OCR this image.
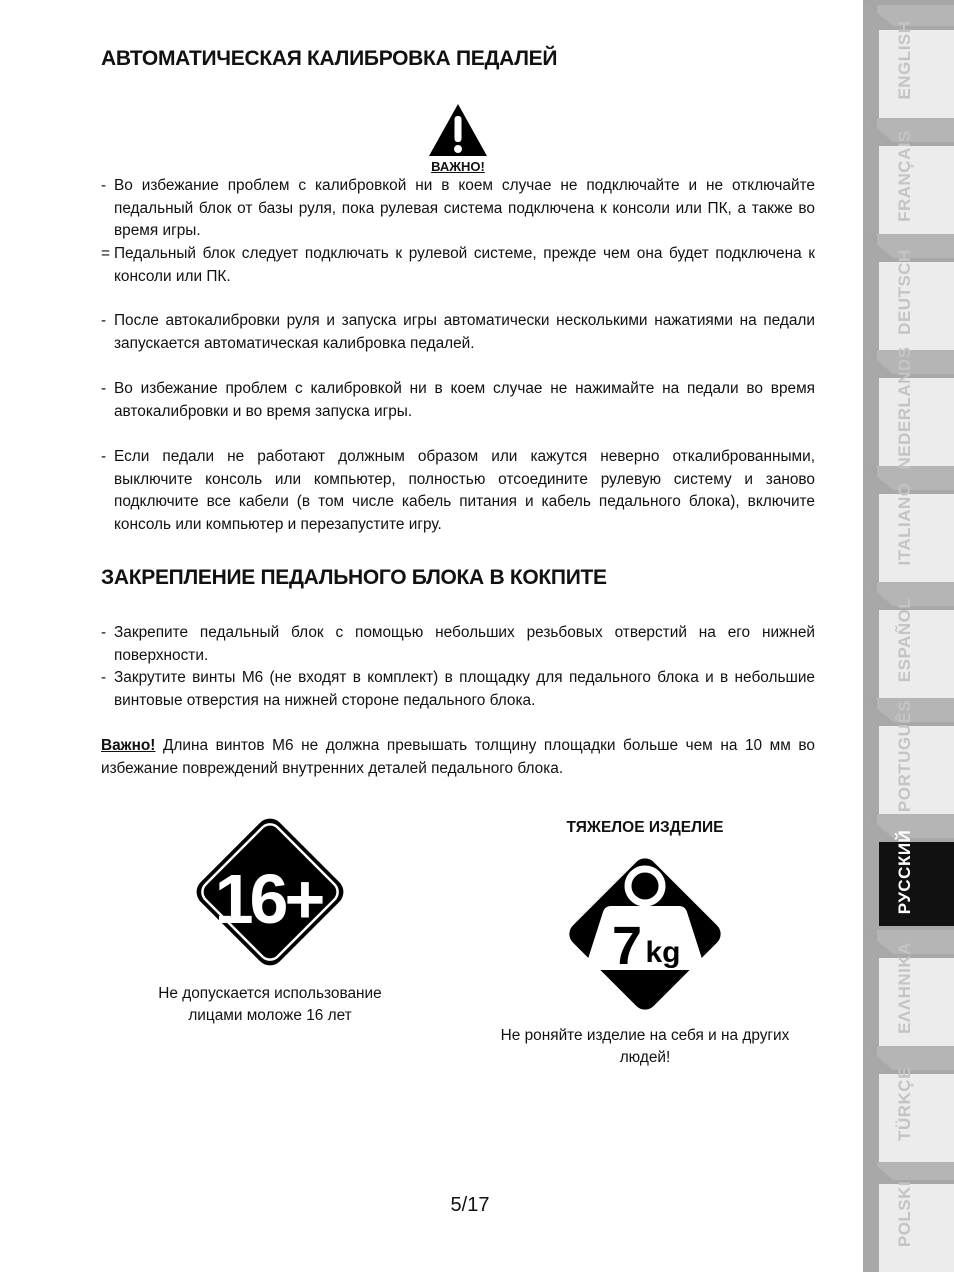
АВТОМАТИЧЕСКАЯ КАЛИБРОВКА ПЕДАЛЕЙ
ВАЖНО!
- Во избежание проблем с калибровкой ни в коем случае не подключайте и не отключайте педальный блок от базы руля, пока рулевая система подключена к консоли или ПК, а также во время игры.
= Педальный блок следует подключать к рулевой системе, прежде чем она будет подключена к консоли или ПК.
- После автокалибровки руля и запуска игры автоматически несколькими нажатиями на педали запускается автоматическая калибровка педалей.
- Во избежание проблем с калибровкой ни в коем случае не нажимайте на педали во время автокалибровки и во время запуска игры.
- Если педали не работают должным образом или кажутся неверно откалиброванными, выключите консоль или компьютер, полностью отсоедините рулевую систему и заново подключите все кабели (в том числе кабель питания и кабель педального блока), включите консоль или компьютер и перезапустите игру.
ЗАКРЕПЛЕНИЕ ПЕДАЛЬНОГО БЛОКА В КОКПИТЕ
- Закрепите педальный блок с помощью небольших резьбовых отверстий на его нижней поверхности.
- Закрутите винты М6 (не входят в комплект) в площадку для педального блока и в небольшие винтовые отверстия на нижней стороне педального блока.

Важно! Длина винтов М6 не должна превышать толщину площадки больше чем на 10 мм во избежание повреждений внутренних деталей педального блока.

16+
Не допускается использование
лицами моложе 16 лет
ТЯЖЕЛОЕ ИЗДЕЛИЕ
7 kg
Не роняйте изделие на себя и на других
людей!
5/17
ENGLISH
FRANÇAIS
DEUTSCH
NEDERLANDS
ITALIANO
ESPAÑOL
PORTUGUÊS
РУССКИЙ
ΕΛΛΗΝΙΚΑ
TÜRKÇE
POLSKI
